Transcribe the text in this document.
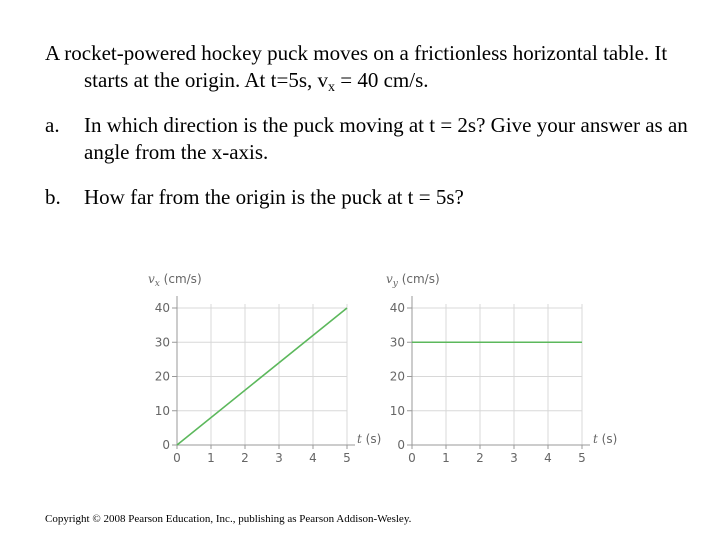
A rocket-powered hockey puck moves on a frictionless horizontal table. It starts at the origin. At t=5s, $v_x = 40$ cm/s.

a.	In which direction is the puck moving at t = 2s? Give your answer as an angle from the x-axis.

b.	How far from the origin is the puck at t = 5s?

0
10
20
30
40
0 1 2 3 4 5
$v_x$ (cm/s)
t (s) 0
10
20
30
40
0 1 2 3 4 5
$v_y$ (cm/s)
t (s)
Copyright © 2008 Pearson Education, Inc., publishing as Pearson Addison-Wesley.
